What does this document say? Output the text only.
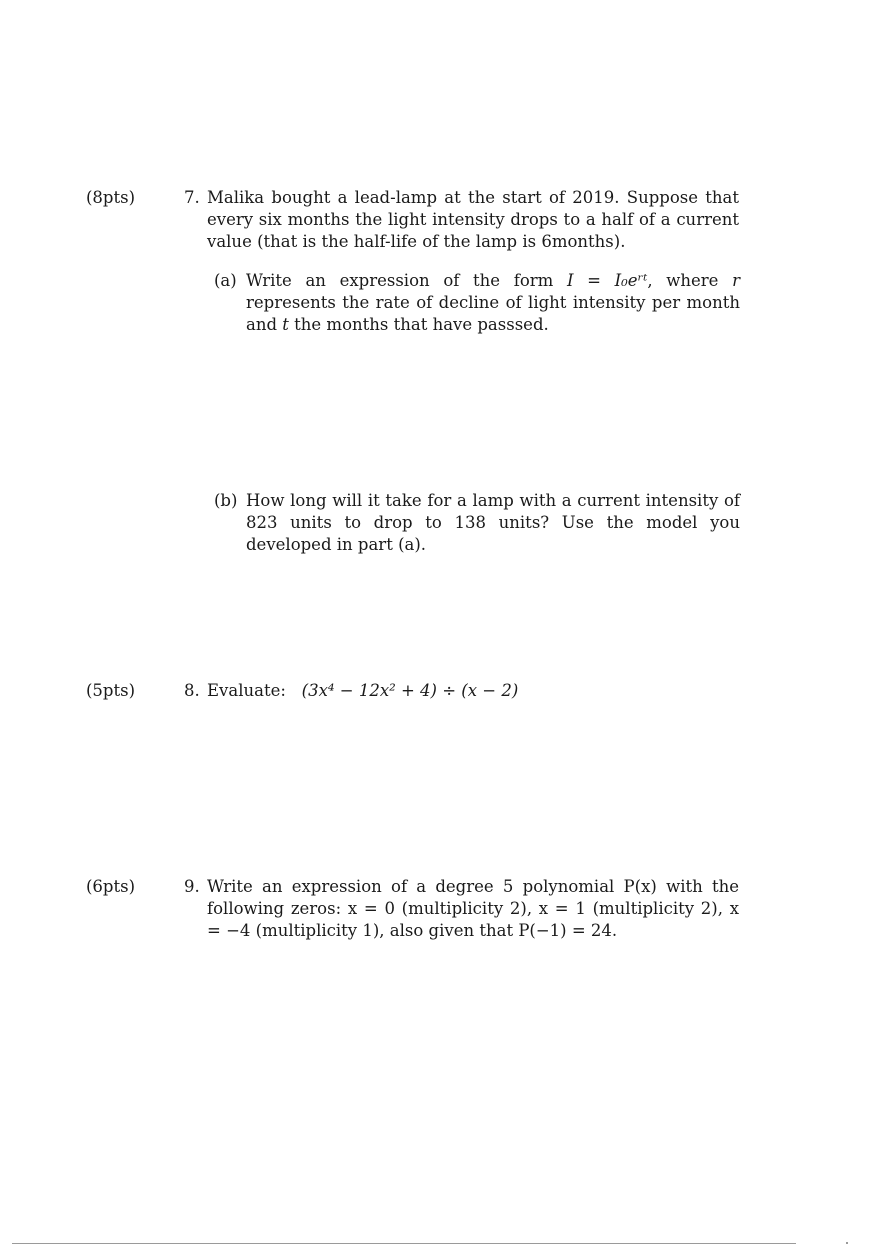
(8pts)	7. Malika bought a lead-lamp at the start of 2019. Suppose that every six months the light intensity drops to a half of a current value (that is the half-life of the lamp is 6months).
(a) Write an expression of the form I = I₀eʳᵗ, where r represents the rate of decline of light intensity per month and t the months that have passsed.
(b) How long will it take for a lamp with a current intensity of 823 units to drop to 138 units? Use the model you developed in part (a).
(5pts)	8. Evaluate: (3x⁴ − 12x² + 4) ÷ (x − 2)
(6pts)	9. Write an expression of a degree 5 polynomial P(x) with the following zeros: x = 0 (multiplicity 2), x = 1 (multiplicity 2), x = −4 (multiplicity 1), also given that P(−1) = 24.
